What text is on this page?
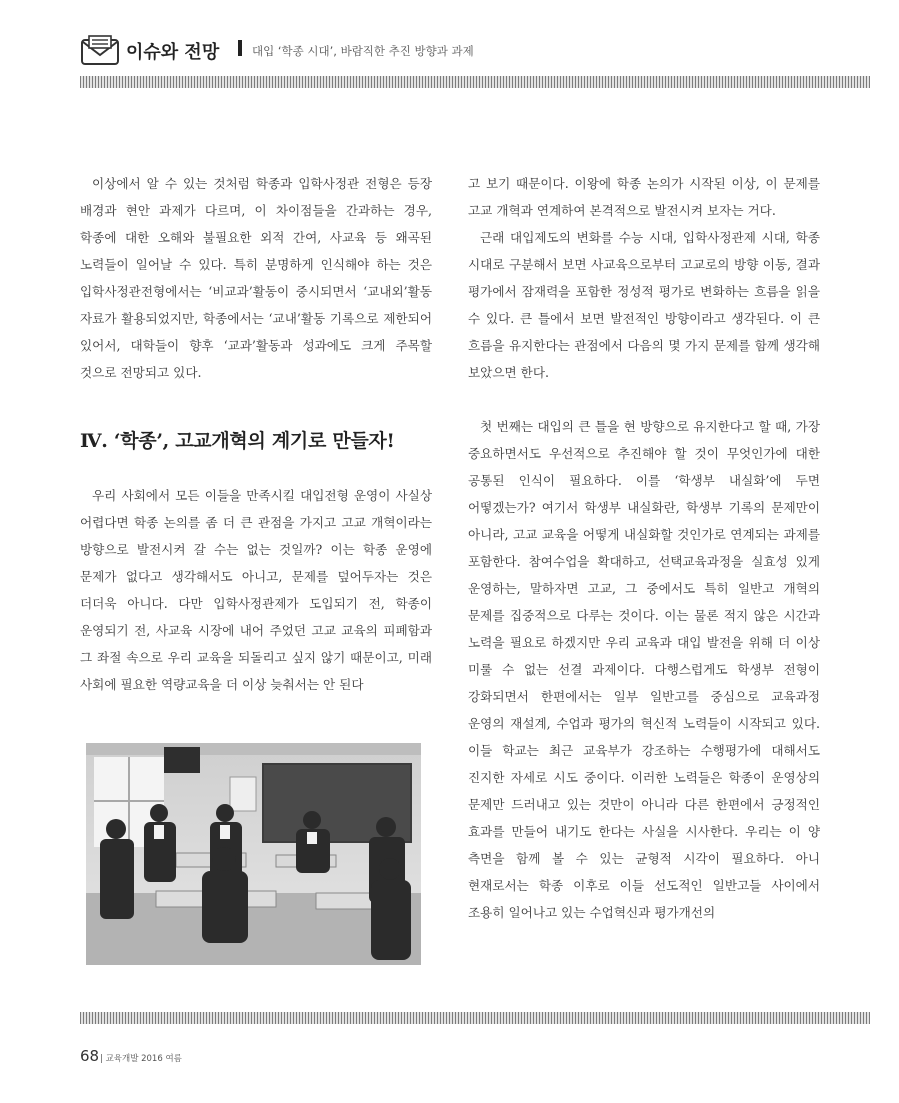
이슈와 전망	대입 ‘학종 시대’, 바람직한 추진 방향과 과제

이상에서 알 수 있는 것처럼 학종과 입학사정관 전형은 등장 배경과 현안 과제가 다르며, 이 차이점들을 간과하는 경우, 학종에 대한 오해와 불필요한 외적 간여, 사교육 등 왜곡된 노력들이 일어날 수 있다. 특히 분명하게 인식해야 하는 것은 입학사정관전형에서는 ‘비교과’활동이 중시되면서 ‘교내외’활동 자료가 활용되었지만, 학종에서는 ‘교내’활동 기록으로 제한되어 있어서, 대학들이 향후 ‘교과’활동과 성과에도 크게 주목할 것으로 전망되고 있다.

Ⅳ. ‘학종’, 고교개혁의 계기로 만들자!

우리 사회에서 모든 이들을 만족시킬 대입전형 운영이 사실상 어렵다면 학종 논의를 좀 더 큰 관점을 가지고 고교 개혁이라는 방향으로 발전시켜 갈 수는 없는 것일까? 이는 학종 운영에 문제가 없다고 생각해서도 아니고, 문제를 덮어두자는 것은 더더욱 아니다. 다만 입학사정관제가 도입되기 전, 학종이 운영되기 전, 사교육 시장에 내어 주었던 고교 교육의 피폐함과 그 좌절 속으로 우리 교육을 되돌리고 싶지 않기 때문이고, 미래 사회에 필요한 역량교육을 더 이상 늦춰서는 안 된다

고 보기 때문이다. 이왕에 학종 논의가 시작된 이상, 이 문제를 고교 개혁과 연계하여 본격적으로 발전시켜 보자는 거다.

근래 대입제도의 변화를 수능 시대, 입학사정관제 시대, 학종 시대로 구분해서 보면 사교육으로부터 고교로의 방향 이동, 결과 평가에서 잠재력을 포함한 정성적 평가로 변화하는 흐름을 읽을 수 있다. 큰 틀에서 보면 발전적인 방향이라고 생각된다. 이 큰 흐름을 유지한다는 관점에서 다음의 몇 가지 문제를 함께 생각해 보았으면 한다.

첫 번째는 대입의 큰 틀을 현 방향으로 유지한다고 할 때, 가장 중요하면서도 우선적으로 추진해야 할 것이 무엇인가에 대한 공통된 인식이 필요하다. 이를 ‘학생부 내실화’에 두면 어떻겠는가? 여기서 학생부 내실화란, 학생부 기록의 문제만이 아니라, 고교 교육을 어떻게 내실화할 것인가로 연계되는 과제를 포함한다. 참여수업을 확대하고, 선택교육과정을 실효성 있게 운영하는, 말하자면 고교, 그 중에서도 특히 일반고 개혁의 문제를 집중적으로 다루는 것이다. 이는 물론 적지 않은 시간과 노력을 필요로 하겠지만 우리 교육과 대입 발전을 위해 더 이상 미룰 수 없는 선결 과제이다. 다행스럽게도 학생부 전형이 강화되면서 한편에서는 일부 일반고를 중심으로 교육과정 운영의 재설계, 수업과 평가의 혁신적 노력들이 시작되고 있다. 이들 학교는 최근 교육부가 강조하는 수행평가에 대해서도 진지한 자세로 시도 중이다. 이러한 노력들은 학종이 운영상의 문제만 드러내고 있는 것만이 아니라 다른 한편에서 긍정적인 효과를 만들어 내기도 한다는 사실을 시사한다. 우리는 이 양 측면을 함께 볼 수 있는 균형적 시각이 필요하다. 아니 현재로서는 학종 이후로 이들 선도적인 일반고들 사이에서 조용히 일어나고 있는 수업혁신과 평가개선의

68 | 교육개발 2016 여름
